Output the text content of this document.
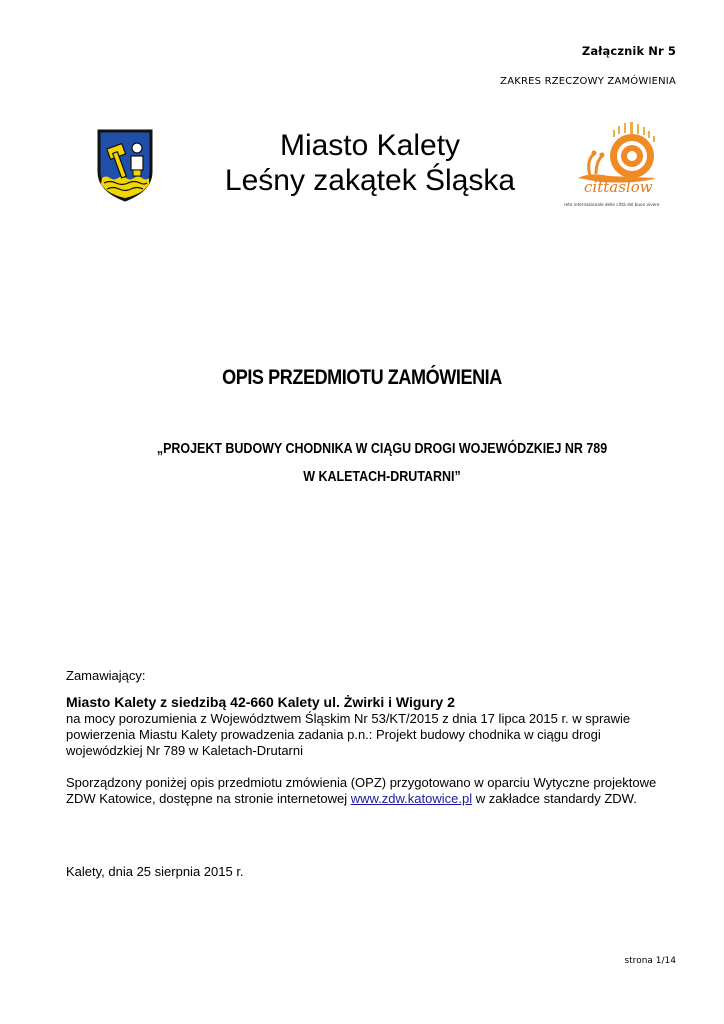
Załącznik Nr 5
ZAKRES RZECZOWY ZAMÓWIENIA
Miasto Kalety
Leśny zakątek Śląska	cittaslow
rete internazionale delle città del buon vivere
OPIS PRZEDMIOTU ZAMÓWIENIA
„PROJEKT BUDOWY CHODNIKA W CIĄGU DROGI WOJEWÓDZKIEJ NR 789
W KALETACH-DRUTARNI”
Zamawiający:
Miasto Kalety z siedzibą 42-660 Kalety ul. Żwirki i Wigury 2
na mocy porozumienia z Województwem Śląskim Nr 53/KT/2015 z dnia 17 lipca 2015 r. w sprawie
powierzenia Miastu Kalety prowadzenia zadania p.n.: Projekt budowy chodnika w ciągu drogi
wojewódzkiej Nr 789 w Kaletach-Drutarni
Sporządzony poniżej opis przedmiotu zmówienia (OPZ) przygotowano w oparciu Wytyczne projektowe
ZDW Katowice, dostępne na stronie internetowej www.zdw.katowice.pl w zakładce standardy ZDW.
Kalety, dnia 25 sierpnia 2015 r.
strona 1/14
